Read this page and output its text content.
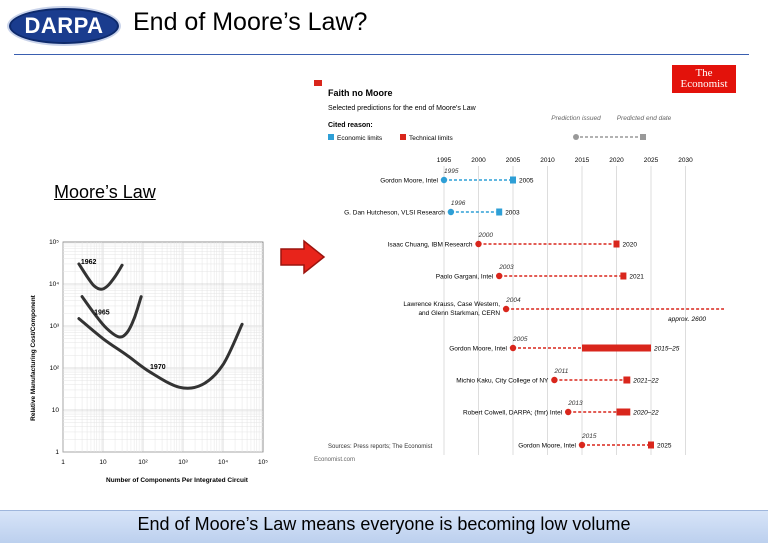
DARPA	End of Moore’s Law?
Moore’s Law
1962
1965
1970
1	10	10²	10³	10⁴	10⁵
1
10
10²
10³
10⁴
10⁵
Relative Manufacturing Cost/Component
Number of Components Per Integrated Circuit
The
Economist
Faith no Moore
Selected predictions for the end of Moore's Law
Cited reason:
Economic limits	Technical limits
Prediction issued Predicted end date
1995	2000	2005	2010	2015	2020	2025	2030
Gordon Moore, Intel
1995
2005
G. Dan Hutcheson, VLSI Research
1996
2003
Isaac Chuang, IBM Research
2000
2020
Paolo Gargani, Intel
2003
2021
Lawrence Krauss, Case Western,
and Glenn Starkman, CERN
2004
approx. 2600
Gordon Moore, Intel
2005
2015–25
Michio Kaku, City College of NY
2011
2021–22
Robert Colwell, DARPA; (fmr) Intel
2013
2020–22
Gordon Moore, Intel
2015
2025
Sources: Press reports; The Economist
Economist.com
End of Moore’s Law means everyone is becoming low volume
